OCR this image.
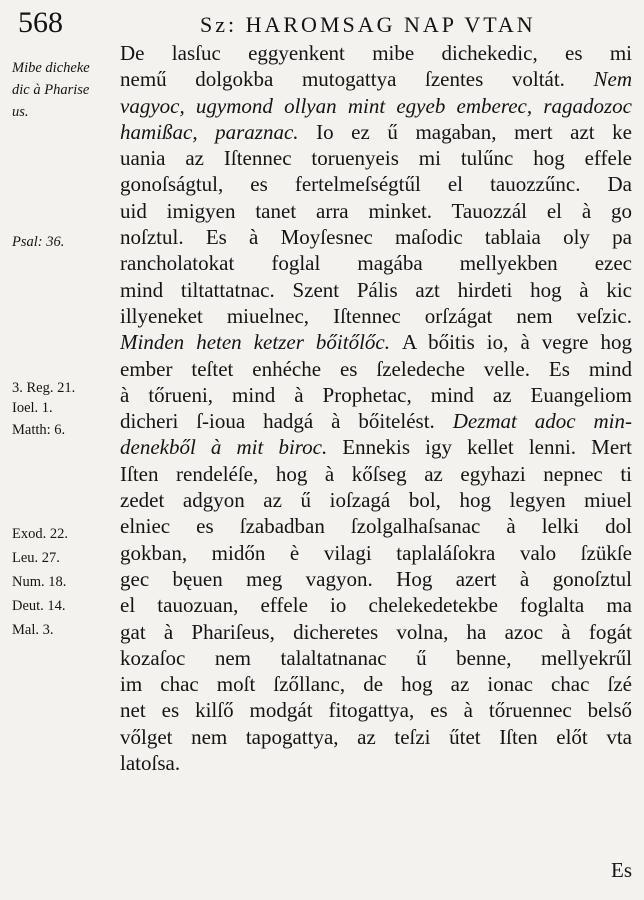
568	Sz: HAROMSAG NAP VTAN
Mibe dicheke
dic à Pharise
us.
Psal: 36.
3. Reg. 21.
Ioel. 1.
Matth: 6.
Exod. 22.
Leu. 27.
Num. 18.
Deut. 14.
Mal. 3.
De lasſuc eggyenkent mibe dichekedic, es mi
nemű dolgokba mutogattya ſzentes voltát. Nem
vagyoc, ugymond ollyan mint egyeb emberec, ragadozoc
hamißac, paraznac. Io ez ű magaban, mert azt ke
uania az Iſtennec toruenyeis mi tulűnc hog effele
gonoſságtul, es fertelmeſségtűl el tauozzűnc. Da
uid imigyen tanet arra minket. Tauozzál el à go
noſztul. Es à Moyſesnec maſodic tablaia oly pa
rancholatokat foglal magába mellyekben ezec
mind tiltattatnac. Szent Pális azt hirdeti hog à kic
illyeneket miuelnec, Iſtennec orſzágat nem veſzic.
Minden heten ketzer bőitőlőc. A bőitis io, à vegre hog
ember teſtet enhéche es ſzeledeche velle. Es mind
à tőrueni, mind à Prophetac, mind az Euangeliom
dicheri ſ-ioua hadgá à bőitelést. Dezmat adoc min-
denekből à mit biroc. Ennekis igy kellet lenni. Mert
Iſten rendeléſe, hog à kőſseg az egyhazi nepnec ti
zedet adgyon az ű ioſzagá bol, hog legyen miuel
elniec es ſzabadban ſzolgalhaſsanac à lelki dol
gokban, midőn è vilagi taplaláſokra valo ſzükſe
gec bęuen meg vagyon. Hog azert à gonoſztul
el tauozuan, effele io chelekedetekbe foglalta ma
gat à Phariſeus, dicheretes volna, ha azoc à fogát
kozaſoc nem talaltatnanac ű benne, mellyekrűl
im chac moſt ſzőllanc, de hog az ionac chac ſzé
net es kilſő modgát fitogattya, es à tőruennec belső
vőlget nem tapogattya, az teſzi űtet Iſten előt vta
latoſsa.
Es
